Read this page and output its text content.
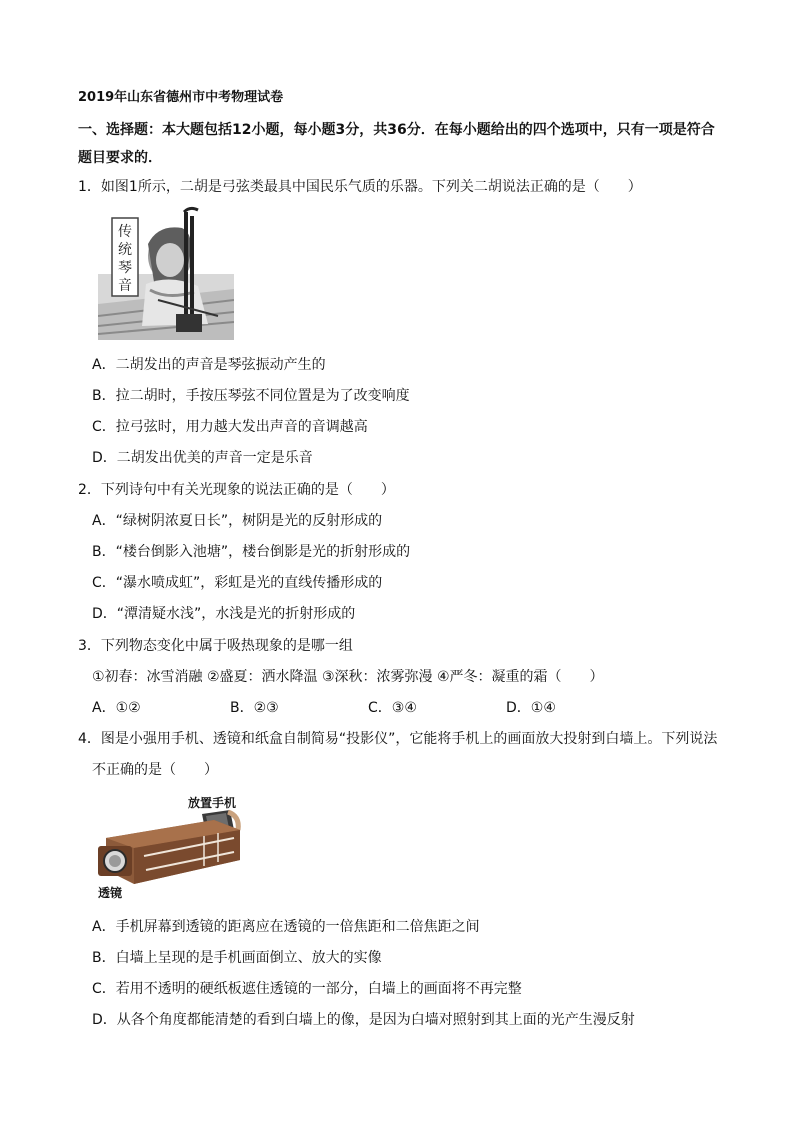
2019年山东省德州市中考物理试卷
一、选择题：本大题包括12小题，每小题3分，共36分．在每小题给出的四个选项中，只有一项是符合题目要求的．
1．如图1所示，二胡是弓弦类最具中国民乐气质的乐器。下列关二胡说法正确的是（　　）
传
统
琴
音
A．二胡发出的声音是琴弦振动产生的
B．拉二胡时，手按压琴弦不同位置是为了改变响度
C．拉弓弦时，用力越大发出声音的音调越高
D．二胡发出优美的声音一定是乐音
2．下列诗句中有关光现象的说法正确的是（　　）
A．“绿树阴浓夏日长”，树阴是光的反射形成的
B．“楼台倒影入池塘”，楼台倒影是光的折射形成的
C．“瀑水喷成虹”，彩虹是光的直线传播形成的
D．“潭清疑水浅”，水浅是光的折射形成的
3．下列物态变化中属于吸热现象的是哪一组
①初春：冰雪消融 ②盛夏：洒水降温 ③深秋：浓雾弥漫 ④严冬：凝重的霜（　　）
A．①②	B．②③	C．③④	D．①④
4．图是小强用手机、透镜和纸盒自制简易“投影仪”，它能将手机上的画面放大投射到白墙上。下列说法
不正确的是（　　）
放置手机
透镜
A．手机屏幕到透镜的距离应在透镜的一倍焦距和二倍焦距之间
B．白墙上呈现的是手机画面倒立、放大的实像
C．若用不透明的硬纸板遮住透镜的一部分，白墙上的画面将不再完整
D．从各个角度都能清楚的看到白墙上的像，是因为白墙对照射到其上面的光产生漫反射
